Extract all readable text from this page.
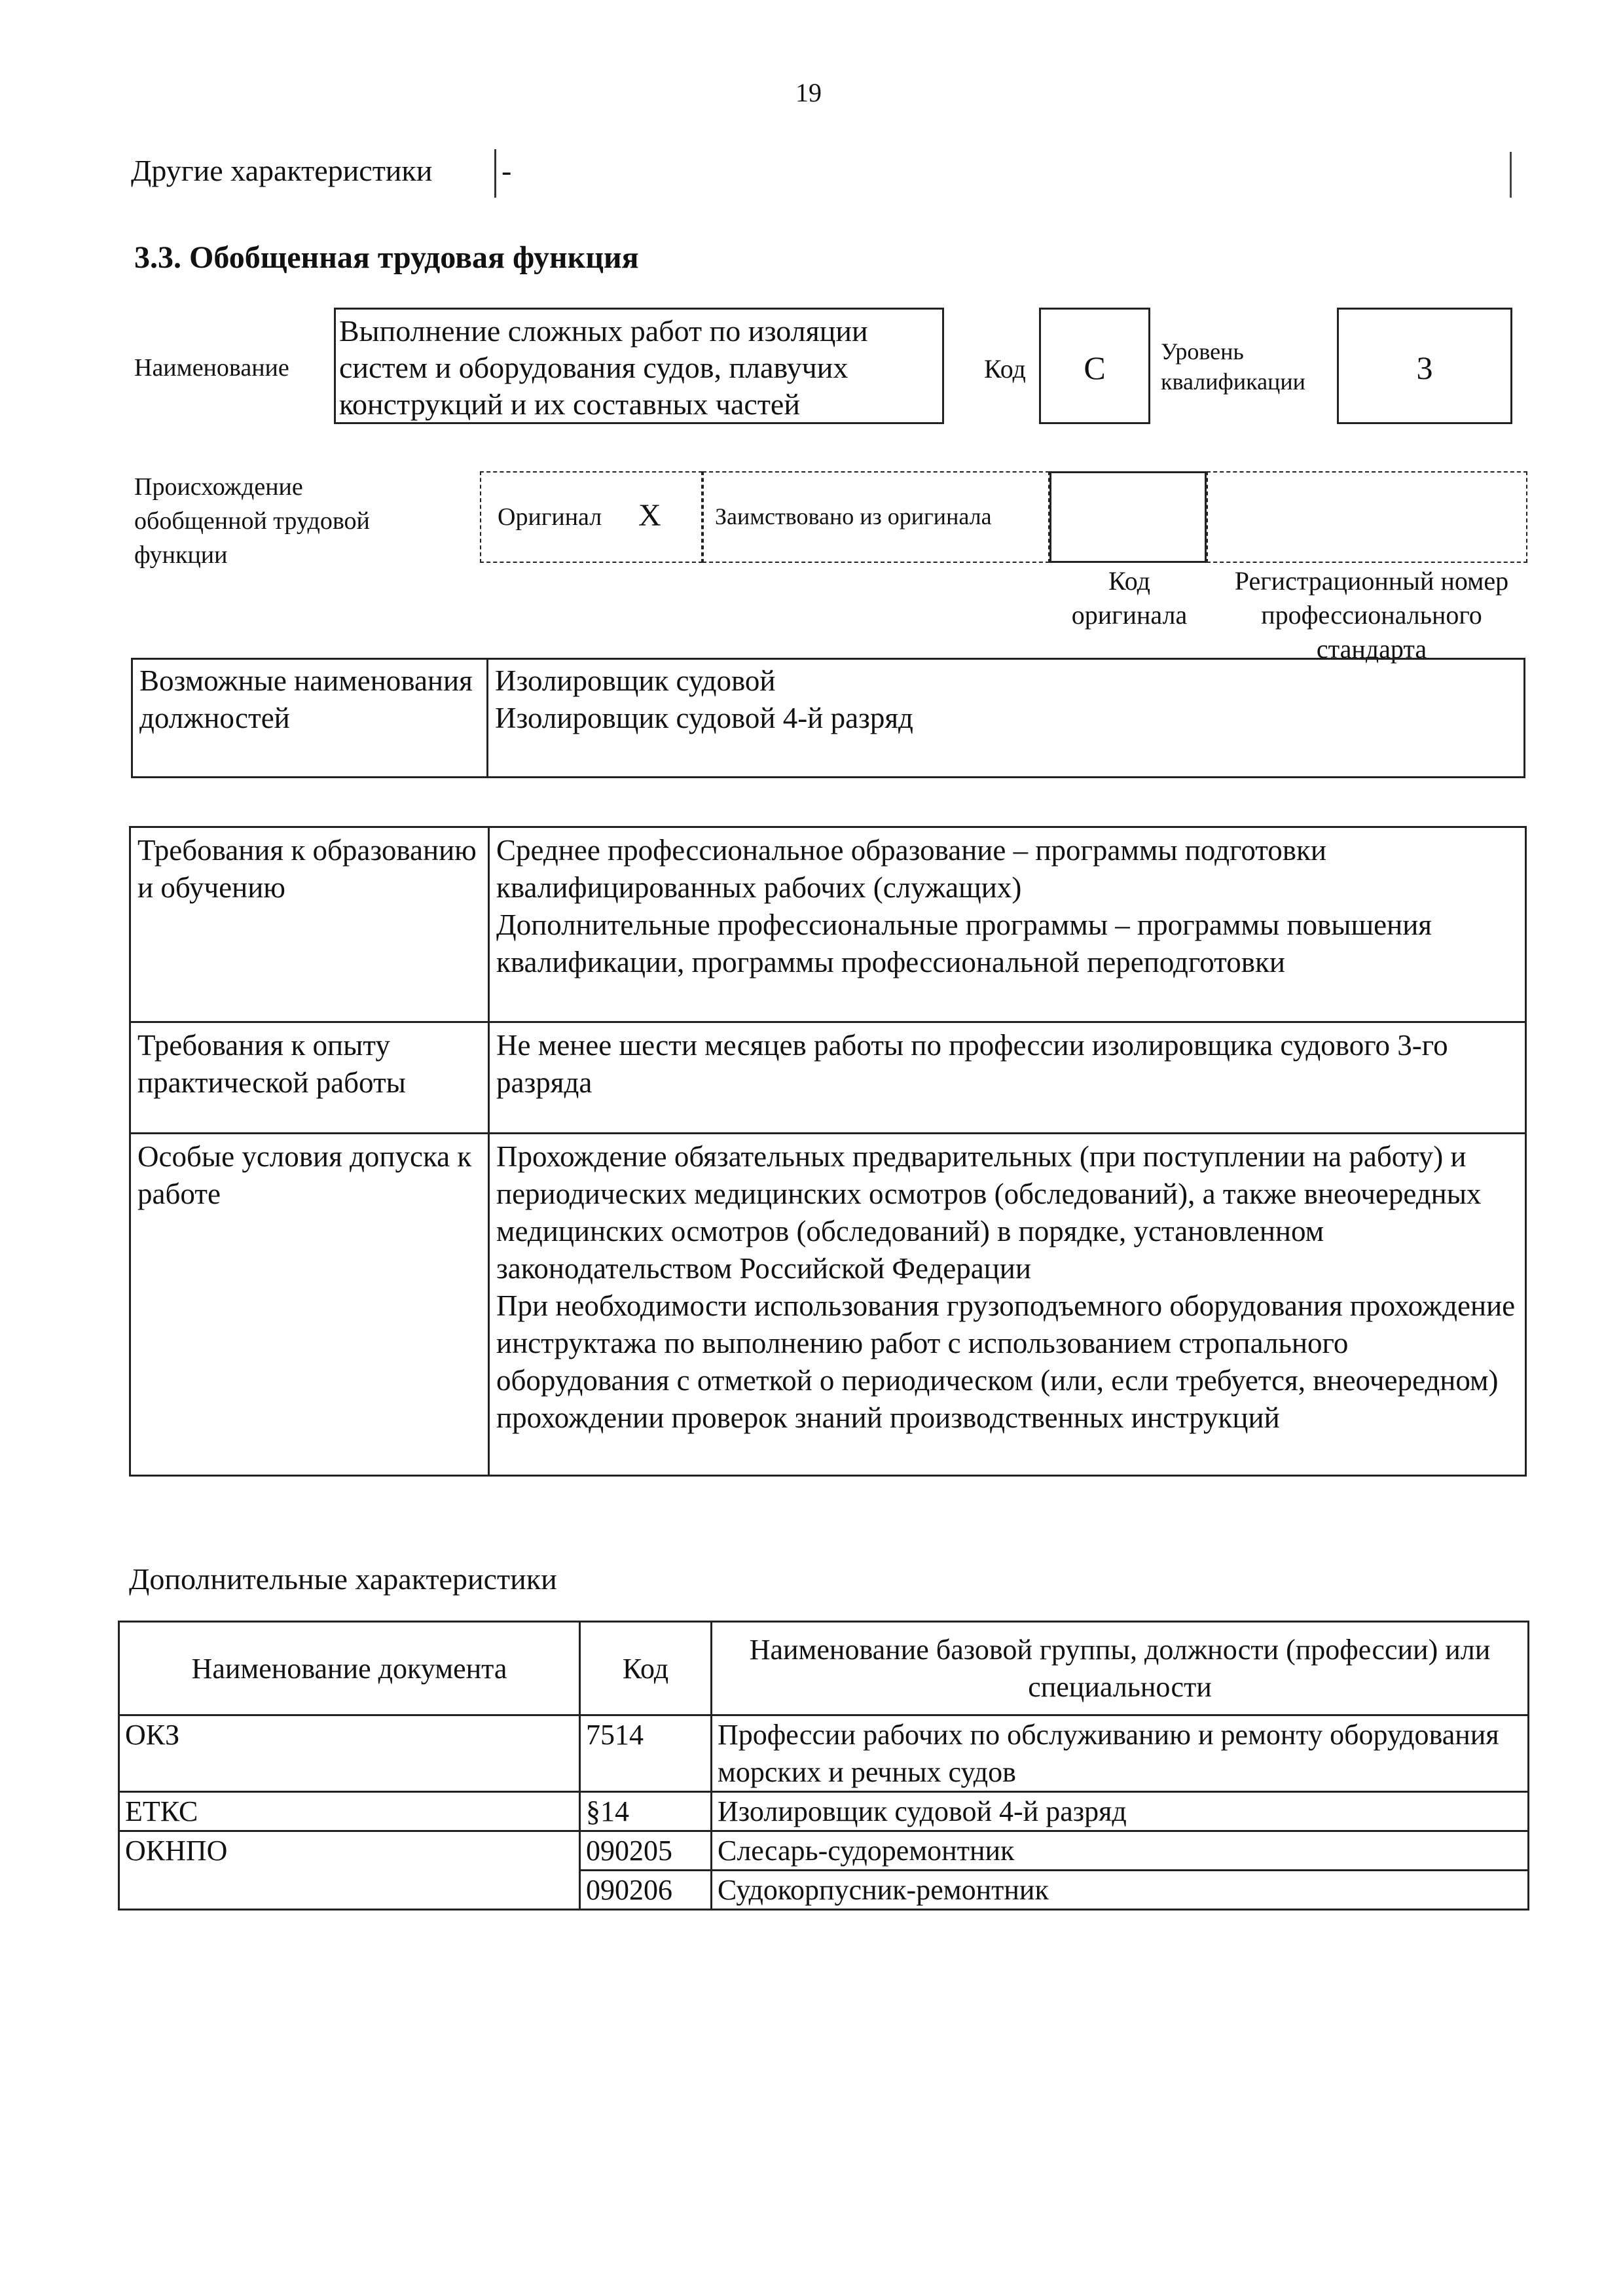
19
Другие характеристики -
3.3. Обобщенная трудовая функция
Наименование
Выполнение сложных работ по изоляции систем и оборудования судов, плавучих конструкций и их составных частей
Код	C	Уровень квалификации	3
Происхождение обобщенной трудовой функции
Оригинал X Заимствовано из оригинала
Код оригинала
Регистрационный номер профессионального стандарта
Возможные наименования должностей	Изолировщик судовой
Изолировщик судовой 4-й разряд
Требования к образованию и обучению	Среднее профессиональное образование – программы подготовки квалифицированных рабочих (служащих)
Дополнительные профессиональные программы – программы повышения квалификации, программы профессиональной переподготовки
Требования к опыту практической работы	Не менее шести месяцев работы по профессии изолировщика судового 3-го разряда
Особые условия допуска к работе	Прохождение обязательных предварительных (при поступлении на работу) и периодических медицинских осмотров (обследований), а также внеочередных медицинских осмотров (обследований) в порядке, установленном законодательством Российской Федерации
При необходимости использования грузоподъемного оборудования прохождение инструктажа по выполнению работ с использованием стропального оборудования с отметкой о периодическом (или, если требуется, внеочередном) прохождении проверок знаний производственных инструкций
Дополнительные характеристики
Наименование документа	Код	Наименование базовой группы, должности (профессии) или специальности
ОКЗ	7514	Профессии рабочих по обслуживанию и ремонту оборудования морских и речных судов
ЕТКС	§14	Изолировщик судовой 4-й разряд
ОКНПО	090205	Слесарь-судоремонтник
	090206	Судокорпусник-ремонтник
